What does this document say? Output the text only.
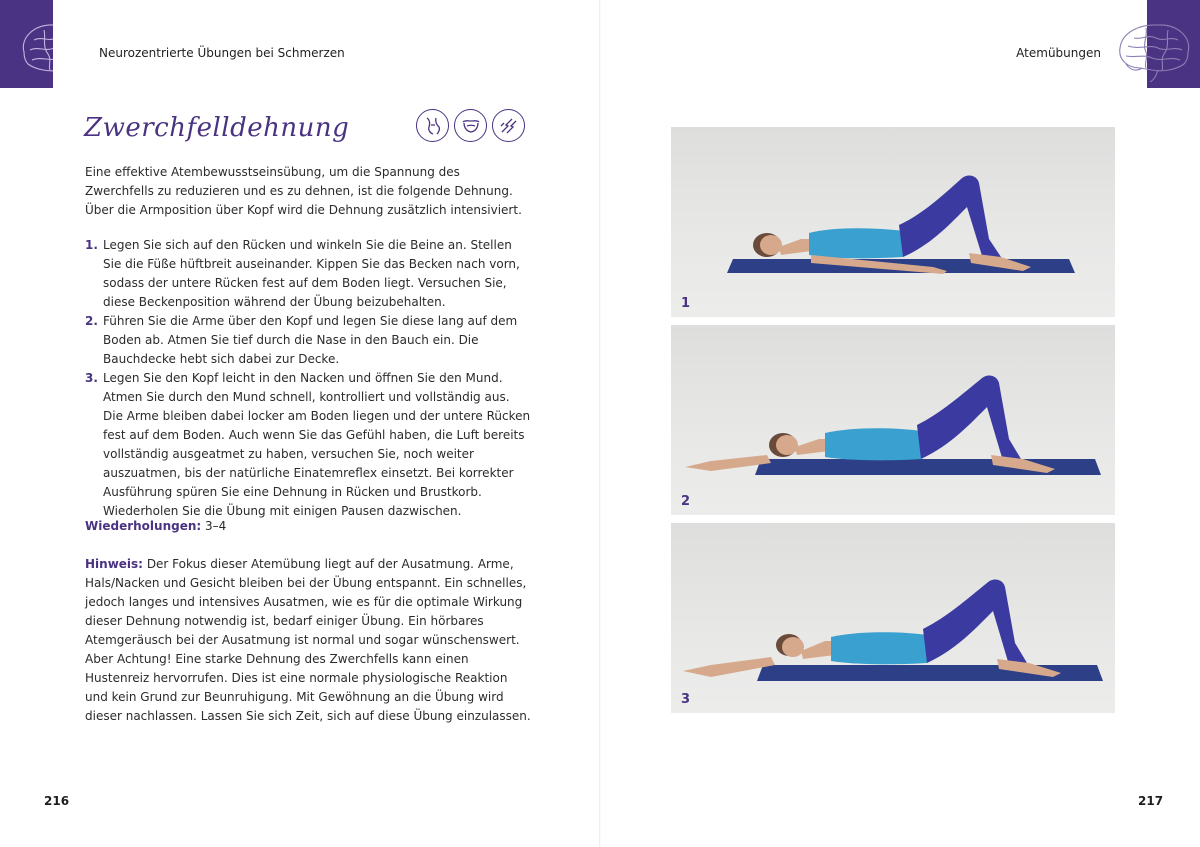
Neurozentrierte Übungen bei Schmerzen
Zwerchfelldehnung
Eine effektive Atembewusstseinsübung, um die Spannung des Zwerchfells zu reduzieren und es zu dehnen, ist die folgende Dehnung. Über die Armposition über Kopf wird die Dehnung zusätzlich intensiviert.
1. Legen Sie sich auf den Rücken und winkeln Sie die Beine an. Stellen Sie die Füße hüftbreit auseinander. Kippen Sie das Becken nach vorn, sodass der untere Rücken fest auf dem Boden liegt. Versuchen Sie, diese Beckenposition während der Übung beizubehalten.
2. Führen Sie die Arme über den Kopf und legen Sie diese lang auf dem Boden ab. Atmen Sie tief durch die Nase in den Bauch ein. Die Bauchdecke hebt sich dabei zur Decke.
3. Legen Sie den Kopf leicht in den Nacken und öffnen Sie den Mund. Atmen Sie durch den Mund schnell, kontrolliert und vollständig aus. Die Arme bleiben dabei locker am Boden liegen und der untere Rücken fest auf dem Boden. Auch wenn Sie das Gefühl haben, die Luft bereits vollständig ausgeatmet zu haben, versuchen Sie, noch weiter auszuatmen, bis der natürliche Einatemreflex einsetzt. Bei korrekter Ausführung spüren Sie eine Dehnung in Rücken und Brustkorb. Wiederholen Sie die Übung mit einigen Pausen dazwischen.
Wiederholungen: 3–4
Hinweis: Der Fokus dieser Atemübung liegt auf der Ausatmung. Arme, Hals/Nacken und Gesicht bleiben bei der Übung entspannt. Ein schnelles, jedoch langes und intensives Ausatmen, wie es für die optimale Wirkung dieser Dehnung notwendig ist, bedarf einiger Übung. Ein hörbares Atemgeräusch bei der Ausatmung ist normal und sogar wünschenswert. Aber Achtung! Eine starke Dehnung des Zwerchfells kann einen Hustenreiz hervorrufen. Dies ist eine normale physiologische Reaktion und kein Grund zur Beunruhigung. Mit Gewöhnung an die Übung wird dieser nachlassen. Lassen Sie sich Zeit, sich auf diese Übung einzulassen.
216
Atemübungen
217
1
2
3
